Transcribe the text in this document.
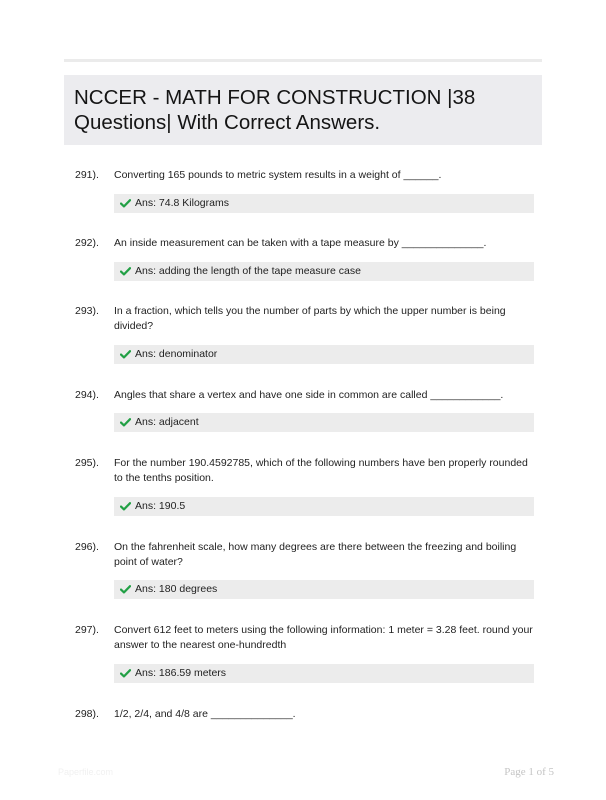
NCCER - MATH FOR CONSTRUCTION |38 Questions| With Correct Answers.
291). Converting 165 pounds to metric system results in a weight of ______.
Ans: 74.8 Kilograms
292). An inside measurement can be taken with a tape measure by ______________.
Ans: adding the length of the tape measure case
293). In a fraction, which tells you the number of parts by which the upper number is being divided?
Ans: denominator
294). Angles that share a vertex and have one side in common are called ____________.
Ans: adjacent
295). For the number 190.4592785, which of the following numbers have ben properly rounded to the tenths position.
Ans: 190.5
296). On the fahrenheit scale, how many degrees are there between the freezing and boiling point of water?
Ans: 180 degrees
297). Convert 612 feet to meters using the following information: 1 meter = 3.28 feet. round your answer to the nearest one-hundredth
Ans: 186.59 meters
298). 1/2, 2/4, and 4/8 are ______________.
Paperfile.com	Page 1 of 5
